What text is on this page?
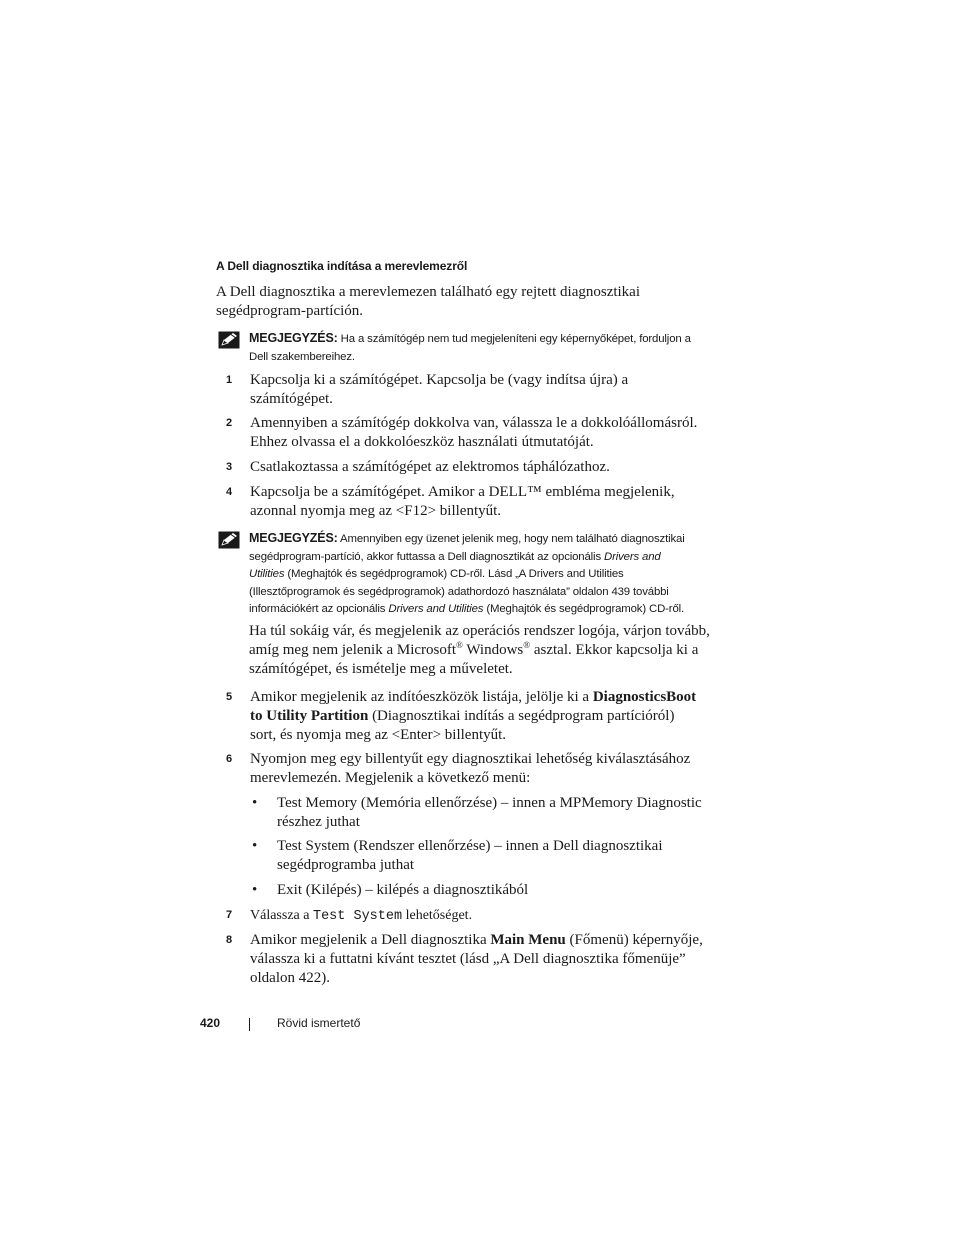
A Dell diagnosztika indítása a merevlemezről
A Dell diagnosztika a merevlemezen található egy rejtett diagnosztikai
segédprogram-partíción.
MEGJEGYZÉS: Ha a számítógép nem tud megjeleníteni egy képernyőképet, forduljon a
Dell szakembereihez.
1 Kapcsolja ki a számítógépet. Kapcsolja be (vagy indítsa újra) a
számítógépet.
2 Amennyiben a számítógép dokkolva van, válassza le a dokkolóállomásról.
Ehhez olvassa el a dokkolóeszköz használati útmutatóját.
3 Csatlakoztassa a számítógépet az elektromos táphálózathoz.
4 Kapcsolja be a számítógépet. Amikor a DELL™ embléma megjelenik,
azonnal nyomja meg az <F12> billentyűt.
MEGJEGYZÉS: Amennyiben egy üzenet jelenik meg, hogy nem található diagnosztikai
segédprogram-partíció, akkor futtassa a Dell diagnosztikát az opcionális Drivers and
Utilities (Meghajtók és segédprogramok) CD-ről. Lásd „A Drivers and Utilities
(Illesztőprogramok és segédprogramok) adathordozó használata” oldalon 439 további
információkért az opcionális Drivers and Utilities (Meghajtók és segédprogramok) CD-ről.
Ha túl sokáig vár, és megjelenik az operációs rendszer logója, várjon tovább,
amíg meg nem jelenik a Microsoft® Windows® asztal. Ekkor kapcsolja ki a
számítógépet, és ismételje meg a műveletet.
5 Amikor megjelenik az indítóeszközök listája, jelölje ki a DiagnosticsBoot
to Utility Partition (Diagnosztikai indítás a segédprogram partícióról)
sort, és nyomja meg az <Enter> billentyűt.
6 Nyomjon meg egy billentyűt egy diagnosztikai lehetőség kiválasztásához
merevlemezén. Megjelenik a következő menü:
• Test Memory (Memória ellenőrzése) – innen a MPMemory Diagnostic
részhez juthat
• Test System (Rendszer ellenőrzése) – innen a Dell diagnosztikai
segédprogramba juthat
• Exit (Kilépés) – kilépés a diagnosztikából
7 Válassza a Test System lehetőséget.
8 Amikor megjelenik a Dell diagnosztika Main Menu (Főmenü) képernyője,
válassza ki a futtatni kívánt tesztet (lásd „A Dell diagnosztika főmenüje”
oldalon 422).
420	Rövid ismertető
